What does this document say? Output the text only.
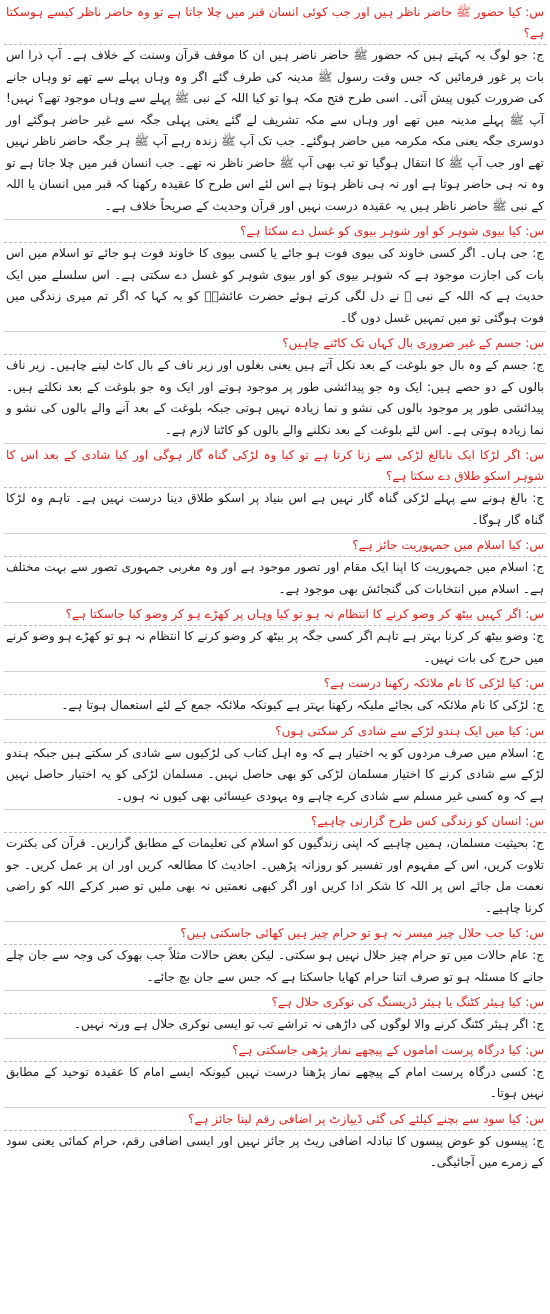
س: کیا حضور ﷺ حاضر ناظر ہیں اور جب کوئی انسان قبر میں چلا جاتا ہے تو وہ حاضر ناظر کیسے ہوسکتا ہے؟

ج: جو لوگ یہ کہتے ہیں کہ حضور ﷺ حاضر ناضر ہیں ان کا موقف قرآن وسنت کے خلاف ہے۔ آپ ذرا اس بات پر غور فرمائیں کہ جس وقت رسول ﷺ مدینہ کی طرف گئے اگر وہ وہاں پہلے سے تھے تو وہاں جانے کی ضرورت کیوں پیش آئی۔ اسی طرح فتح مکہ ہوا تو کیا اللہ کے نبی ﷺ پہلے سے وہاں موجود تھے؟ نہیں! آپ ﷺ پہلے مدینہ میں تھے اور وہاں سے مکہ تشریف لے گئے یعنی پہلی جگہ سے غیر حاضر ہوگئے اور دوسری جگہ یعنی مکہ مکرمہ میں حاضر ہوگئے۔ جب تک آپ ﷺ زندہ رہے آپ ﷺ ہر جگہ حاضر ناظر نہیں تھے اور جب آپ ﷺ کا انتقال ہوگیا تو تب بھی آپ ﷺ حاضر ناظر نہ تھے۔ جب انسان قبر میں چلا جاتا ہے تو وہ نہ ہی حاضر ہوتا ہے اور نہ ہی ناظر ہوتا ہے اس لئے اس طرح کا عقیدہ رکھنا کہ قبر میں انسان یا اللہ کے نبی ﷺ حاضر ناظر ہیں یہ عقیدہ درست نہیں اور قرآن وحدیث کے صریحاً خلاف ہے۔

س: کیا بیوی شوہر کو اور شوہر بیوی کو غسل دے سکتا ہے؟

ج: جی ہاں۔ اگر کسی خاوند کی بیوی فوت ہو جائے یا کسی بیوی کا خاوند فوت ہو جائے تو اسلام میں اس بات کی اجازت موجود ہے کہ شوہر بیوی کو اور بیوی شوہر کو غسل دے سکتی ہے۔ اس سلسلے میں ایک حدیث ہے کہ اللہ کے نبی ﷺ نے دل لگی کرتے ہوئے حضرت عائشہؓ کو یہ کہا کہ اگر تم میری زندگی میں فوت ہوگئی تو میں تمہیں غسل دوں گا۔

س: جسم کے غیر ضروری بال کہاں تک کاٹنے چاہیں؟

ج: جسم کے وہ بال جو بلوغت کے بعد نکل آتے ہیں یعنی بغلوں اور زیر ناف کے بال کاٹ لینے چاہیں۔ زیر ناف بالوں کے دو حصے ہیں: ایک وہ جو پیدائشی طور پر موجود ہوتے اور ایک وہ جو بلوغت کے بعد نکلتے ہیں۔ پیدائشی طور پر موجود بالوں کی نشو و نما زیادہ نہیں ہوتی جبکہ بلوغت کے بعد آنے والے بالوں کی نشو و نما زیادہ ہوتی ہے۔ اس لئے بلوغت کے بعد نکلنے والے بالوں کو کاٹنا لازم ہے۔

س: اگر لڑکا ایک نابالغ لڑکی سے زنا کرتا ہے تو کیا وہ لڑکی گناہ گار ہوگی اور کیا شادی کے بعد اس کا شوہر اسکو طلاق دے سکتا ہے؟

ج: بالغ ہونے سے پہلے لڑکی گناہ گار نہیں ہے اس بنیاد پر اسکو طلاق دینا درست نہیں ہے۔ تاہم وہ لڑکا گناہ گار ہوگا۔

س: کیا اسلام میں جمہوریت جائز ہے؟

ج: اسلام میں جمہوریت کا اپنا ایک مقام اور تصور موجود ہے اور وہ مغربی جمہوری تصور سے بہت مختلف ہے۔ اسلام میں انتخابات کی گنجائش بھی موجود ہے۔

س: اگر کہیں بیٹھ کر وضو کرنے کا انتظام نہ ہو تو کیا وہاں پر کھڑے ہو کر وضو کیا جاسکتا ہے؟

ج: وضو بیٹھ کر کرنا بہتر ہے تاہم اگر کسی جگہ پر بیٹھ کر وضو کرنے کا انتظام نہ ہو تو کھڑے ہو وضو کرنے میں حرج کی بات نہیں۔

س: کیا لڑکی کا نام ملائکہ رکھنا درست ہے؟

ج: لڑکی کا نام ملائکہ کی بجائے ملیکہ رکھنا بہتر ہے کیونکہ ملائکہ جمع کے لئے استعمال ہوتا ہے۔

س: کیا میں ایک ہندو لڑکے سے شادی کر سکتی ہوں؟

ج: اسلام میں صرف مردوں کو یہ اختیار ہے کہ وہ اہل کتاب کی لڑکیوں سے شادی کر سکتے ہیں جبکہ ہندو لڑکے سے شادی کرنے کا اختیار مسلمان لڑکی کو بھی حاصل نہیں۔ مسلمان لڑکی کو یہ اختیار حاصل نہیں ہے کہ وہ کسی غیر مسلم سے شادی کرے چاہے وہ یہودی عیسائی بھی کیوں نہ ہوں۔

س: انسان کو زندگی کس طرح گزارنی چاہیے؟

ج: بحیثیت مسلمان، ہمیں چاہیے کہ اپنی زندگیوں کو اسلام کی تعلیمات کے مطابق گزاریں۔ قرآن کی بکثرت تلاوت کریں، اس کے مفہوم اور تفسیر کو روزانہ پڑھیں۔ احادیث کا مطالعہ کریں اور ان پر عمل کریں۔ جو نعمت مل جائے اس پر اللہ کا شکر ادا کریں اور اگر کبھی نعمتیں نہ بھی ملیں تو صبر کرکے اللہ کو راضی کرنا چاہیے۔

س: کیا جب حلال چیز میسر نہ ہو تو حرام چیز ہیں کھائی جاسکتی ہیں؟

ج: عام حالات میں تو حرام چیز حلال نہیں ہو سکتی۔ لیکن بعض حالات مثلاً جب بھوک کی وجہ سے جان چلے جانے کا مسئلہ ہو تو صرف اتنا حرام کھایا جاسکتا ہے کہ جس سے جان بچ جائے۔

س: کیا ہیئر کٹنگ یا ہیئر ڈریسنگ کی نوکری حلال ہے؟

ج: اگر ہیئر کٹنگ کرنے والا لوگوں کی داڑھی نہ تراشے تب تو ایسی نوکری حلال ہے ورنہ نہیں۔

س: کیا درگاہ پرست اماموں کے پیچھے نماز پڑھی جاسکتی ہے؟

ج: کسی درگاہ پرست امام کے پیچھے نماز پڑھنا درست نہیں کیونکہ ایسے امام کا عقیدہ توحید کے مطابق نہیں ہوتا۔

س: کیا سود سے بچنے کیلئے کی گئی ڈیپازٹ پر اضافی رقم لینا جائز ہے؟

ج: پیسوں کو عوض پیسوں کا تبادلہ اضافی ریٹ پر جائز نہیں اور ایسی اضافی رقم، حرام کمائی یعنی سود کے زمرے میں آجائیگی۔
